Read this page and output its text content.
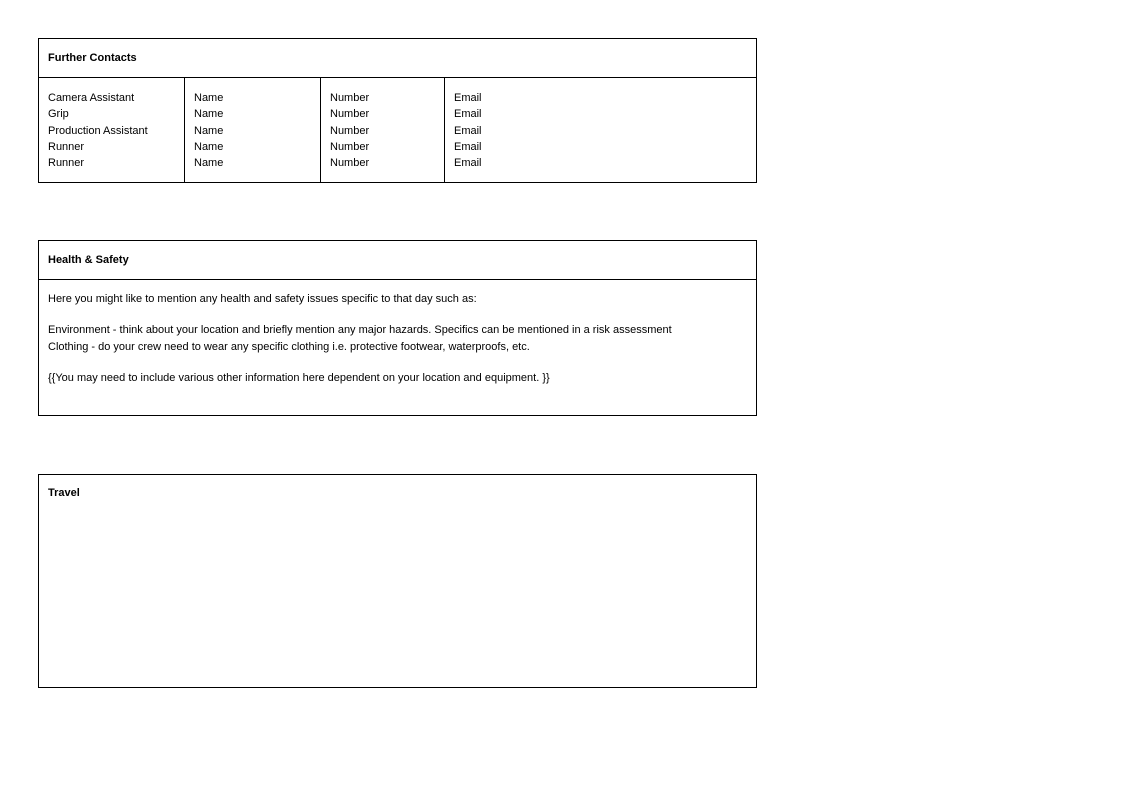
Further Contacts
Camera Assistant
Grip
Production Assistant
Runner
Runner
Name
Name
Name
Name
Name
Number
Number
Number
Number
Number
Email
Email
Email
Email
Email
Health & Safety

Here you might like to mention any health and safety issues specific to that day such as:

Environment - think about your location and briefly mention any major hazards. Specifics can be mentioned in a risk assessment

Clothing - do your crew need to wear any specific clothing i.e. protective footwear, waterproofs, etc.

{{You may need to include various other information here dependent on your location and equipment. }}

Travel
